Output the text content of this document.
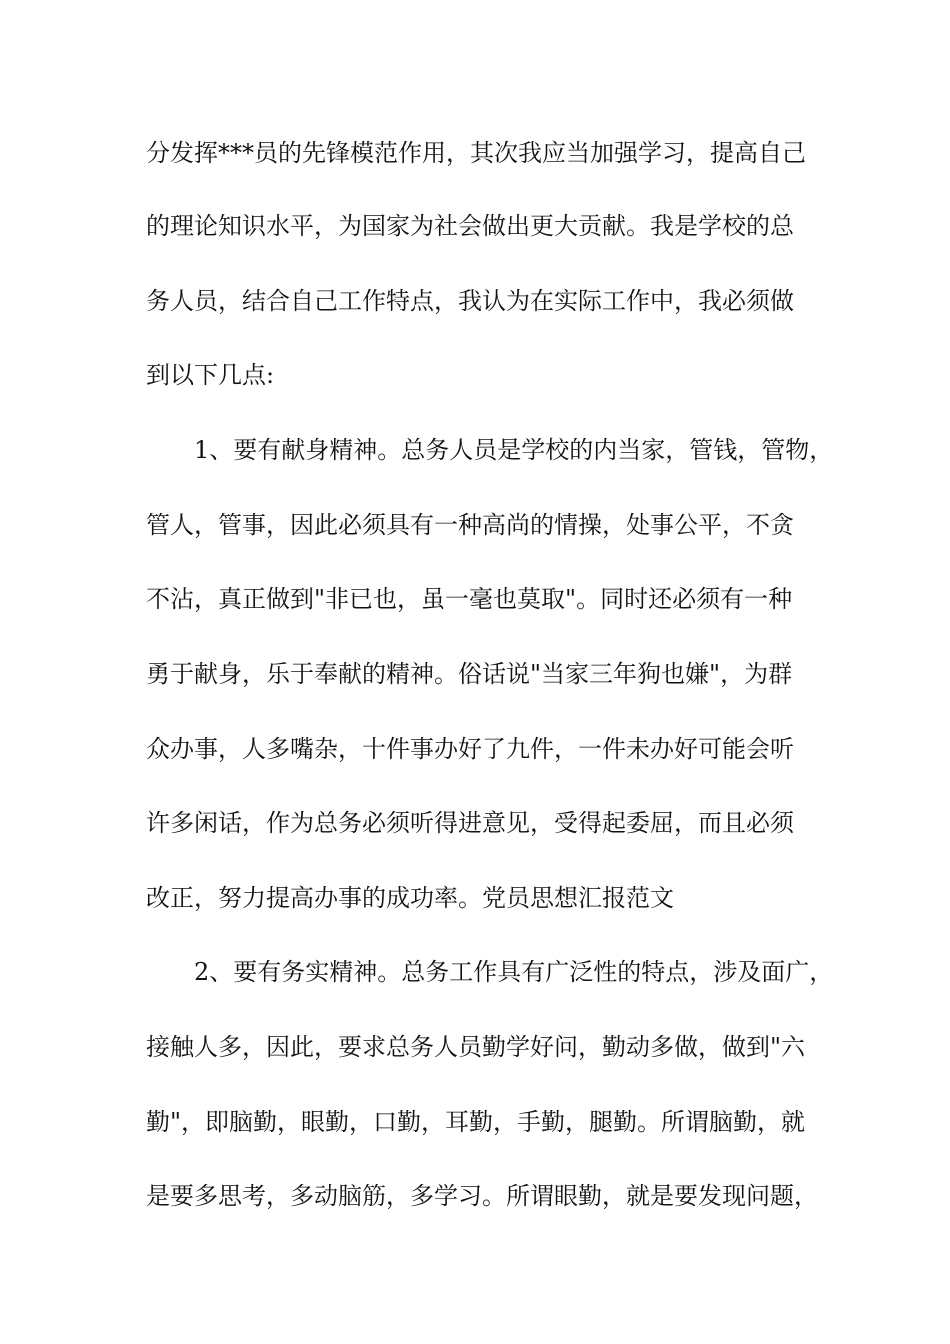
分发挥***员的先锋模范作用，其次我应当加强学习，提高自己
的理论知识水平，为国家为社会做出更大贡献。我是学校的总
务人员，结合自己工作特点，我认为在实际工作中，我必须做
到以下几点:
1、要有献身精神。总务人员是学校的内当家，管钱，管物，
管人，管事，因此必须具有一种高尚的情操，处事公平，不贪
不沾，真正做到"非已也，虽一毫也莫取"。同时还必须有一种
勇于献身，乐于奉献的精神。俗话说"当家三年狗也嫌"，为群
众办事，人多嘴杂，十件事办好了九件，一件未办好可能会听
许多闲话，作为总务必须听得进意见，受得起委屈，而且必须
改正，努力提高办事的成功率。党员思想汇报范文
2、要有务实精神。总务工作具有广泛性的特点，涉及面广，
接触人多，因此，要求总务人员勤学好问，勤动多做，做到"六
勤"，即脑勤，眼勤，口勤，耳勤，手勤，腿勤。所谓脑勤，就
是要多思考，多动脑筋，多学习。所谓眼勤，就是要发现问题，
